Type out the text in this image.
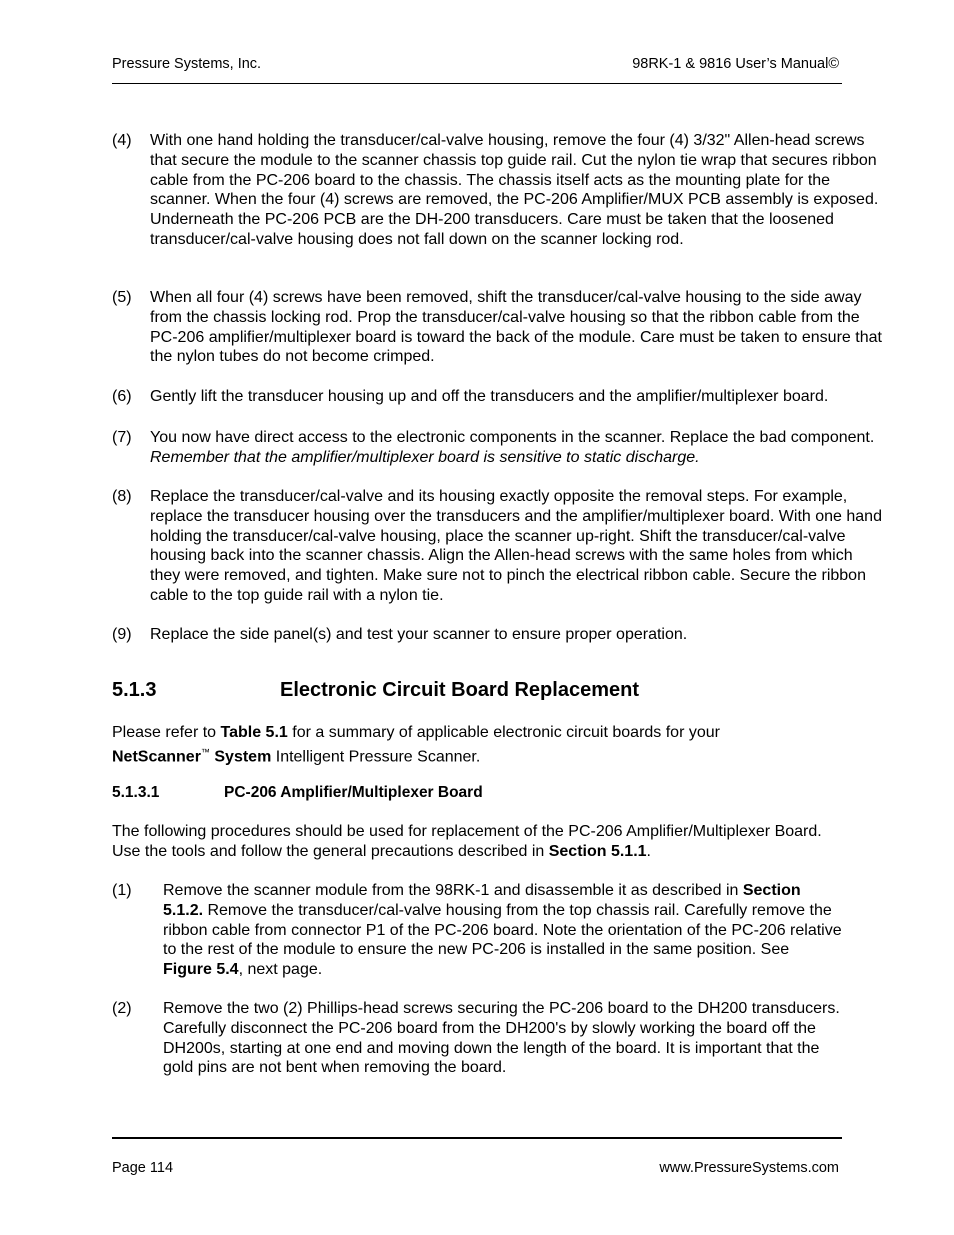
Pressure Systems, Inc.	98RK-1 & 9816 User’s Manual©
(4) With one hand holding the transducer/cal-valve housing, remove the four (4) 3/32" Allen-head screws that secure the module to the scanner chassis top guide rail. Cut the nylon tie wrap that secures ribbon cable from the PC-206 board to the chassis. The chassis itself acts as the mounting plate for the scanner. When the four (4) screws are removed, the PC-206 Amplifier/MUX PCB assembly is exposed. Underneath the PC-206 PCB are the DH-200 transducers. Care must be taken that the loosened transducer/cal-valve housing does not fall down on the scanner locking rod.
(5) When all four (4) screws have been removed, shift the transducer/cal-valve housing to the side away from the chassis locking rod. Prop the transducer/cal-valve housing so that the ribbon cable from the PC-206 amplifier/multiplexer board is toward the back of the module. Care must be taken to ensure that the nylon tubes do not become crimped.
(6) Gently lift the transducer housing up and off the transducers and the amplifier/multiplexer board.
(7) You now have direct access to the electronic components in the scanner. Replace the bad component. Remember that the amplifier/multiplexer board is sensitive to static discharge.
(8) Replace the transducer/cal-valve and its housing exactly opposite the removal steps. For example, replace the transducer housing over the transducers and the amplifier/multiplexer board. With one hand holding the transducer/cal-valve housing, place the scanner up-right. Shift the transducer/cal-valve housing back into the scanner chassis. Align the Allen-head screws with the same holes from which they were removed, and tighten. Make sure not to pinch the electrical ribbon cable. Secure the ribbon cable to the top guide rail with a nylon tie.
(9) Replace the side panel(s) and test your scanner to ensure proper operation.
5.1.3	Electronic Circuit Board Replacement
Please refer to Table 5.1 for a summary of applicable electronic circuit boards for your
NetScanner™ System Intelligent Pressure Scanner.
5.1.3.1	PC-206 Amplifier/Multiplexer Board
The following procedures should be used for replacement of the PC-206 Amplifier/Multiplexer Board. Use the tools and follow the general precautions described in Section 5.1.1.
(1) Remove the scanner module from the 98RK-1 and disassemble it as described in Section 5.1.2. Remove the transducer/cal-valve housing from the top chassis rail. Carefully remove the ribbon cable from connector P1 of the PC-206 board. Note the orientation of the PC-206 relative to the rest of the module to ensure the new PC-206 is installed in the same position. See Figure 5.4, next page.
(2) Remove the two (2) Phillips-head screws securing the PC-206 board to the DH200 transducers. Carefully disconnect the PC-206 board from the DH200's by slowly working the board off the DH200s, starting at one end and moving down the length of the board. It is important that the gold pins are not bent when removing the board.
Page 114	www.PressureSystems.com
